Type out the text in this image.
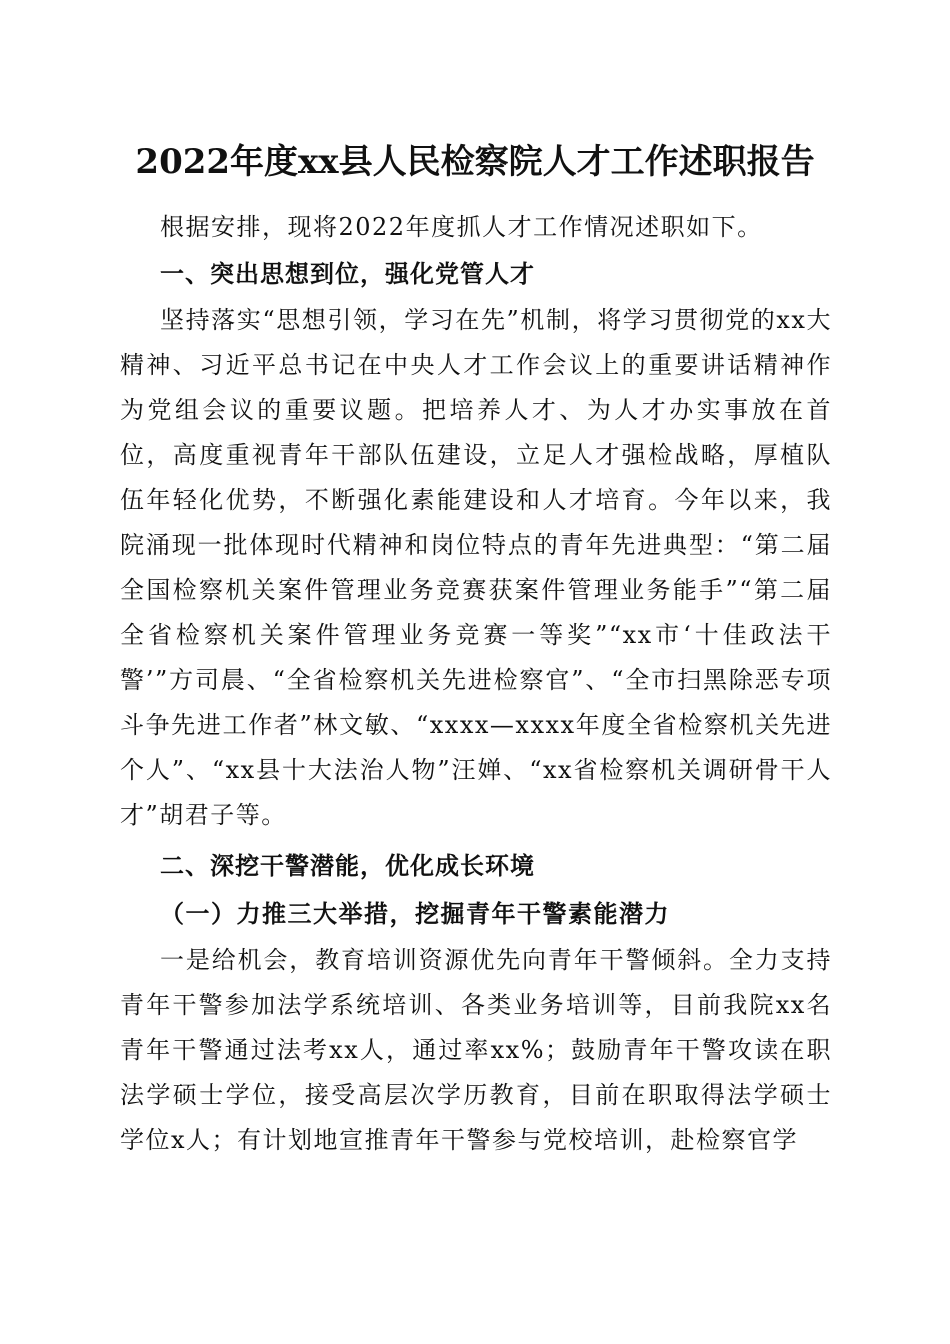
2022年度xx县人民检察院人才工作述职报告

根据安排，现将2022年度抓人才工作情况述职如下。

一、突出思想到位，强化党管人才

坚持落实“思想引领，学习在先”机制，将学习贯彻党的xx大精神、习近平总书记在中央人才工作会议上的重要讲话精神作为党组会议的重要议题。把培养人才、为人才办实事放在首位，高度重视青年干部队伍建设，立足人才强检战略，厚植队伍年轻化优势，不断强化素能建设和人才培育。今年以来，我院涌现一批体现时代精神和岗位特点的青年先进典型：“第二届全国检察机关案件管理业务竞赛获案件管理业务能手”“第二届全省检察机关案件管理业务竞赛一等奖”“xx市‘十佳政法干警’”方司晨、“全省检察机关先进检察官”、“全市扫黑除恶专项斗争先进工作者”林文敏、“xxxx—xxxx年度全省检察机关先进个人”、“xx县十大法治人物”汪婵、“xx省检察机关调研骨干人才”胡君子等。

二、深挖干警潜能，优化成长环境

（一）力推三大举措，挖掘青年干警素能潜力

一是给机会，教育培训资源优先向青年干警倾斜。全力支持青年干警参加法学系统培训、各类业务培训等，目前我院xx名青年干警通过法考xx人，通过率xx%；鼓励青年干警攻读在职法学硕士学位，接受高层次学历教育，目前在职取得法学硕士学位x人；有计划地宣推青年干警参与党校培训，赴检察官学
